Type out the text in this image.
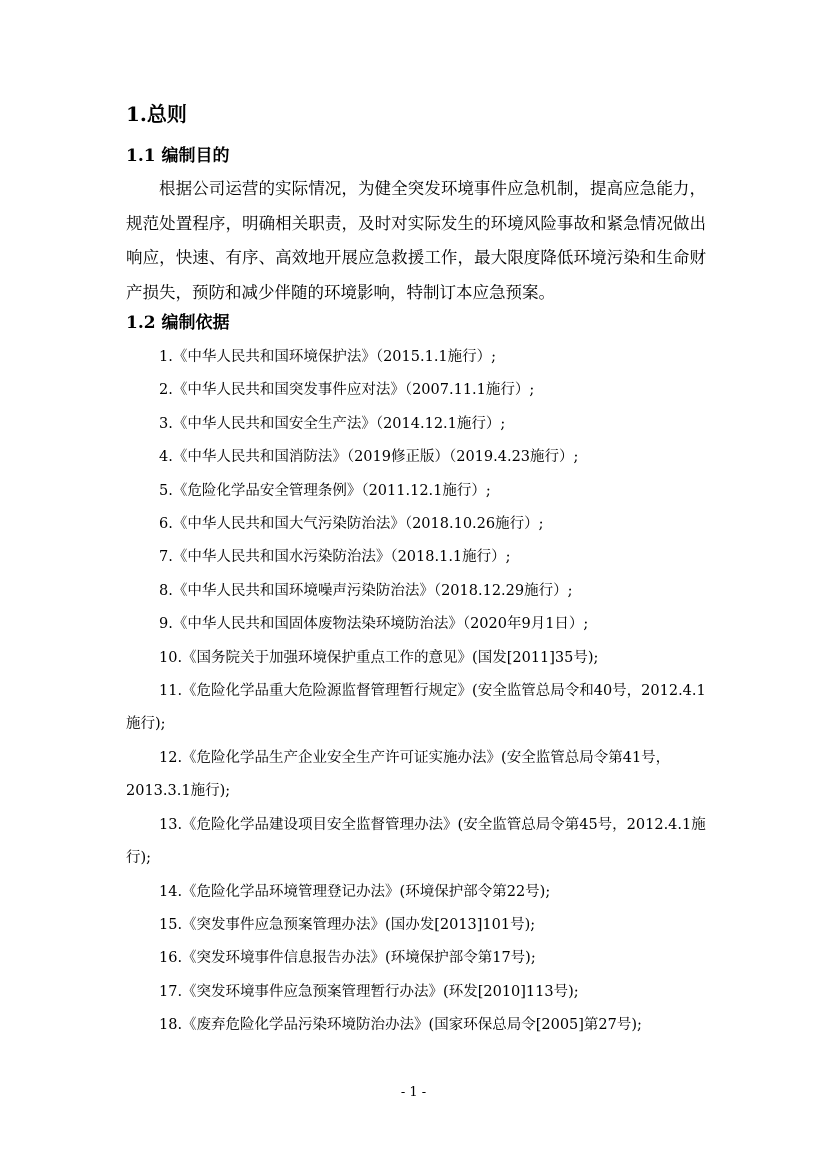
1.总则
1.1 编制目的

根据公司运营的实际情况，为健全突发环境事件应急机制，提高应急能力，规范处置程序，明确相关职责，及时对实际发生的环境风险事故和紧急情况做出响应，快速、有序、高效地开展应急救援工作，最大限度降低环境污染和生命财产损失，预防和减少伴随的环境影响，特制订本应急预案。

1.2 编制依据
1.《中华人民共和国环境保护法》（2015.1.1施行）;
2.《中华人民共和国突发事件应对法》（2007.11.1施行）;
3.《中华人民共和国安全生产法》（2014.12.1施行）;
4.《中华人民共和国消防法》（2019修正版）（2019.4.23施行）;
5.《危险化学品安全管理条例》（2011.12.1施行）;
6.《中华人民共和国大气污染防治法》（2018.10.26施行）;
7.《中华人民共和国水污染防治法》（2018.1.1施行）;
8.《中华人民共和国环境噪声污染防治法》（2018.12.29施行）;
9.《中华人民共和国固体废物法染环境防治法》（2020年9月1日）;
10.《国务院关于加强环境保护重点工作的意见》(国发[2011]35号);
11.《危险化学品重大危险源监督管理暂行规定》(安全监管总局令和40号，2012.4.1施行);
12.《危险化学品生产企业安全生产许可证实施办法》(安全监管总局令第41号，2013.3.1施行);
13.《危险化学品建设项目安全监督管理办法》(安全监管总局令第45号，2012.4.1施行);
14.《危险化学品环境管理登记办法》(环境保护部令第22号);
15.《突发事件应急预案管理办法》(国办发[2013]101号);
16.《突发环境事件信息报告办法》(环境保护部令第17号);
17.《突发环境事件应急预案管理暂行办法》(环发[2010]113号);
18.《废弃危险化学品污染环境防治办法》(国家环保总局令[2005]第27号);
- 1 -
